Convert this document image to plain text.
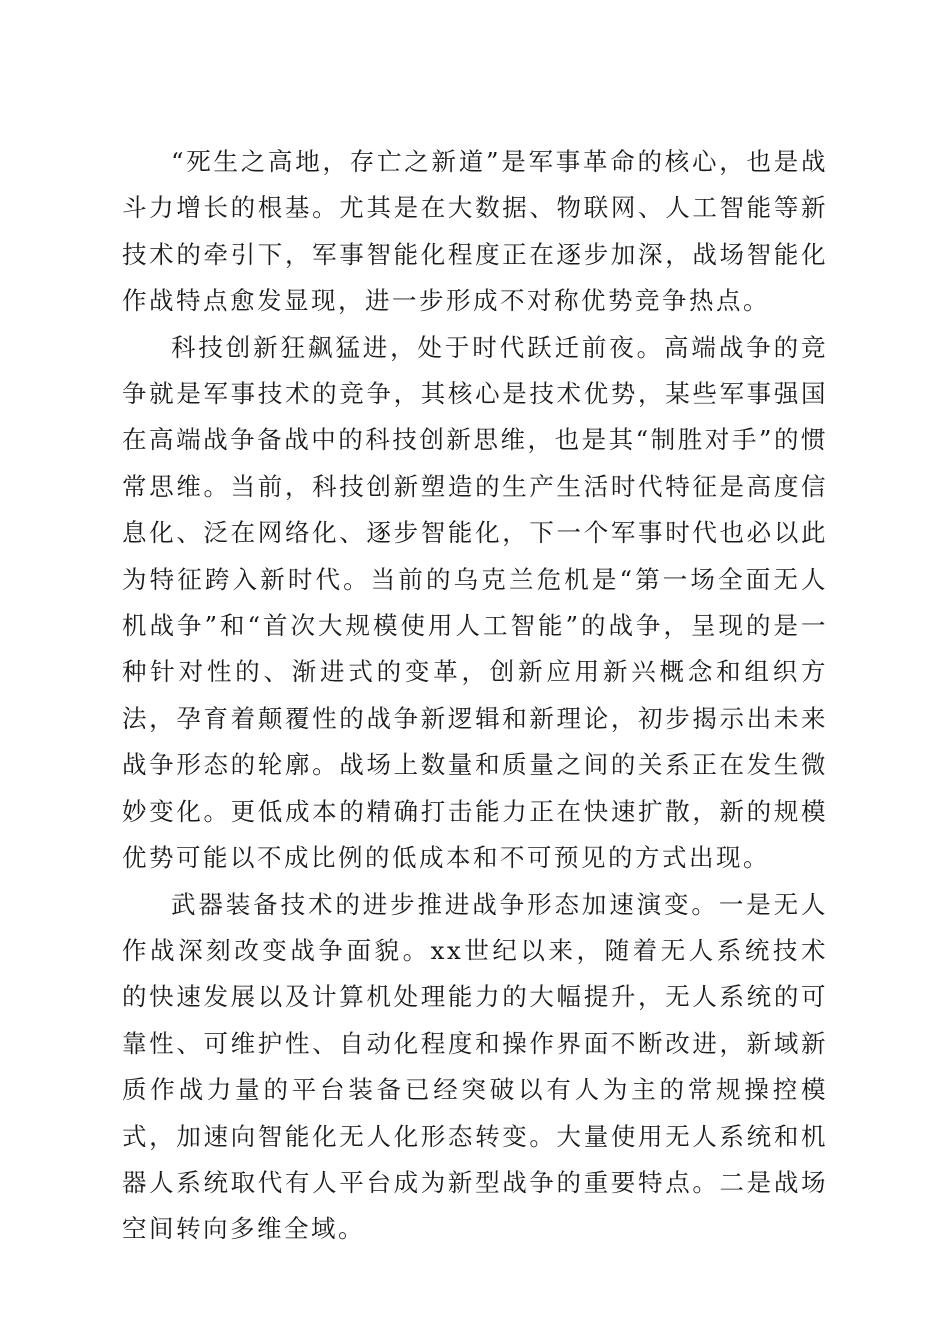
“死生之高地，存亡之新道”是军事革命的核心，也是战斗力增长的根基。尤其是在大数据、物联网、人工智能等新技术的牵引下，军事智能化程度正在逐步加深，战场智能化作战特点愈发显现，进一步形成不对称优势竞争热点。

科技创新狂飙猛进，处于时代跃迁前夜。高端战争的竞争就是军事技术的竞争，其核心是技术优势，某些军事强国在高端战争备战中的科技创新思维，也是其“制胜对手”的惯常思维。当前，科技创新塑造的生产生活时代特征是高度信息化、泛在网络化、逐步智能化，下一个军事时代也必以此为特征跨入新时代。当前的乌克兰危机是“第一场全面无人机战争”和“首次大规模使用人工智能”的战争，呈现的是一种针对性的、渐进式的变革，创新应用新兴概念和组织方法，孕育着颠覆性的战争新逻辑和新理论，初步揭示出未来战争形态的轮廓。战场上数量和质量之间的关系正在发生微妙变化。更低成本的精确打击能力正在快速扩散，新的规模优势可能以不成比例的低成本和不可预见的方式出现。

武器装备技术的进步推进战争形态加速演变。一是无人作战深刻改变战争面貌。xx世纪以来，随着无人系统技术的快速发展以及计算机处理能力的大幅提升，无人系统的可靠性、可维护性、自动化程度和操作界面不断改进，新域新质作战力量的平台装备已经突破以有人为主的常规操控模式，加速向智能化无人化形态转变。大量使用无人系统和机器人系统取代有人平台成为新型战争的重要特点。二是战场空间转向多维全域。
